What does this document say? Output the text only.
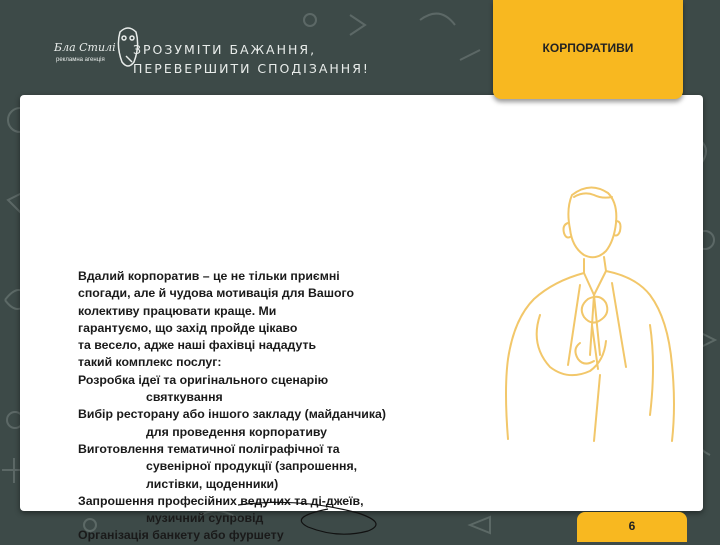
Бла Стилі
рекламна агенція
ЗРОЗУМІТИ БАЖАННЯ,
ПЕРЕВЕРШИТИ СПОДІЗАННЯ!
КОРПОРАТИВИ

Вдалий корпоратив – це не тільки приємні

спогади, але й чудова мотивація для Вашого

колективу працювати краще. Ми

гарантуємо, що захід пройде цікаво

та весело, адже наші фахівці нададуть

такий комплекс послуг:

Розробка ідеї та оригінального сценарію

святкування

Вибір ресторану або іншого закладу (майданчика)

для проведення корпоративу

Виготовлення тематичної поліграфічної та

сувенірної продукції (запрошення,

листівки, щоденники)

Запрошення професійних ведучих та ді-джеїв,

музичний супровід

Організація банкету або фуршету

6
